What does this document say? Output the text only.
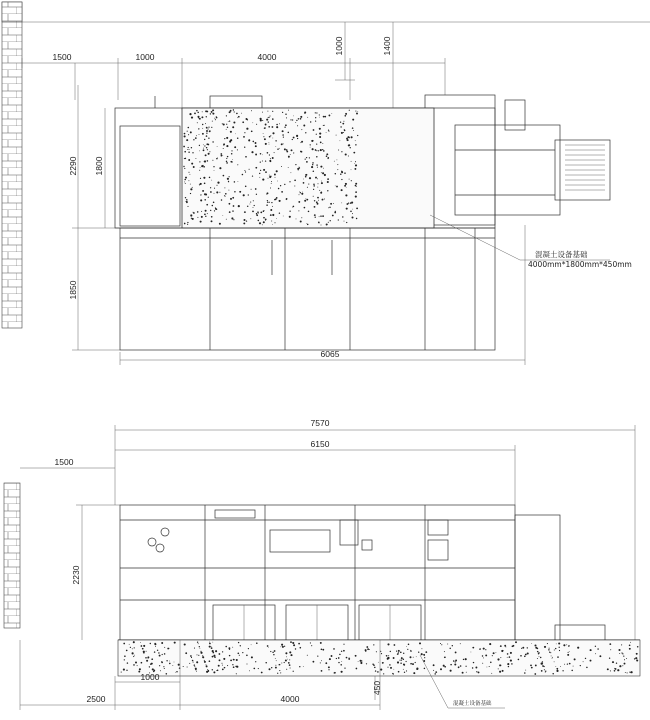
1500	1000	4000
1000	1400
2290 1800
1850
6065
混凝土设备基础
4000mm*1800mm*450mm
7570
6150
1500
2230
1000
2500	4000
450
混凝土设备基础
